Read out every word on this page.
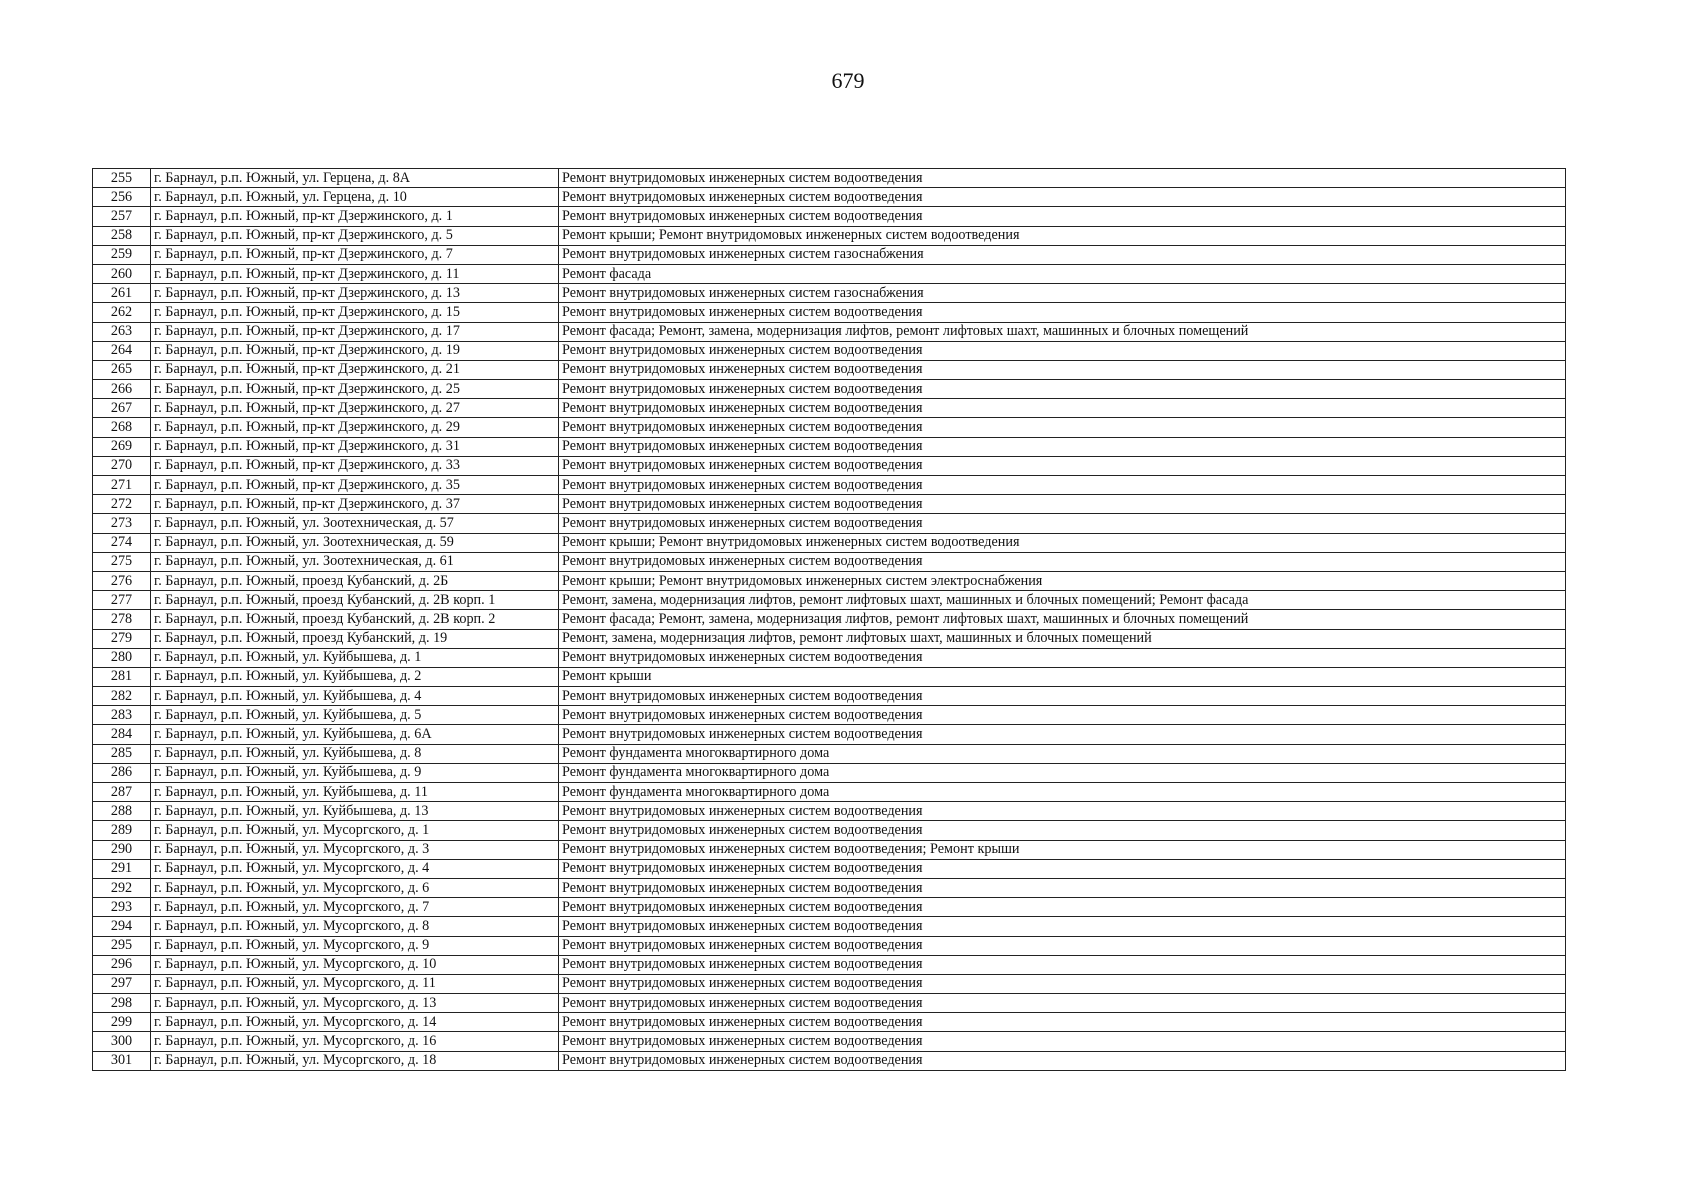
679
255	г. Барнаул, р.п. Южный, ул. Герцена, д. 8А	Ремонт внутридомовых инженерных систем водоотведения
256	г. Барнаул, р.п. Южный, ул. Герцена, д. 10	Ремонт внутридомовых инженерных систем водоотведения
257	г. Барнаул, р.п. Южный, пр-кт Дзержинского, д. 1	Ремонт внутридомовых инженерных систем водоотведения
258	г. Барнаул, р.п. Южный, пр-кт Дзержинского, д. 5	Ремонт крыши; Ремонт внутридомовых инженерных систем водоотведения
259	г. Барнаул, р.п. Южный, пр-кт Дзержинского, д. 7	Ремонт внутридомовых инженерных систем газоснабжения
260	г. Барнаул, р.п. Южный, пр-кт Дзержинского, д. 11	Ремонт фасада
261	г. Барнаул, р.п. Южный, пр-кт Дзержинского, д. 13	Ремонт внутридомовых инженерных систем газоснабжения
262	г. Барнаул, р.п. Южный, пр-кт Дзержинского, д. 15	Ремонт внутридомовых инженерных систем водоотведения
263	г. Барнаул, р.п. Южный, пр-кт Дзержинского, д. 17	Ремонт фасада; Ремонт, замена, модернизация лифтов, ремонт лифтовых шахт, машинных и блочных помещений
264	г. Барнаул, р.п. Южный, пр-кт Дзержинского, д. 19	Ремонт внутридомовых инженерных систем водоотведения
265	г. Барнаул, р.п. Южный, пр-кт Дзержинского, д. 21	Ремонт внутридомовых инженерных систем водоотведения
266	г. Барнаул, р.п. Южный, пр-кт Дзержинского, д. 25	Ремонт внутридомовых инженерных систем водоотведения
267	г. Барнаул, р.п. Южный, пр-кт Дзержинского, д. 27	Ремонт внутридомовых инженерных систем водоотведения
268	г. Барнаул, р.п. Южный, пр-кт Дзержинского, д. 29	Ремонт внутридомовых инженерных систем водоотведения
269	г. Барнаул, р.п. Южный, пр-кт Дзержинского, д. 31	Ремонт внутридомовых инженерных систем водоотведения
270	г. Барнаул, р.п. Южный, пр-кт Дзержинского, д. 33	Ремонт внутридомовых инженерных систем водоотведения
271	г. Барнаул, р.п. Южный, пр-кт Дзержинского, д. 35	Ремонт внутридомовых инженерных систем водоотведения
272	г. Барнаул, р.п. Южный, пр-кт Дзержинского, д. 37	Ремонт внутридомовых инженерных систем водоотведения
273	г. Барнаул, р.п. Южный, ул. Зоотехническая, д. 57	Ремонт внутридомовых инженерных систем водоотведения
274	г. Барнаул, р.п. Южный, ул. Зоотехническая, д. 59	Ремонт крыши; Ремонт внутридомовых инженерных систем водоотведения
275	г. Барнаул, р.п. Южный, ул. Зоотехническая, д. 61	Ремонт внутридомовых инженерных систем водоотведения
276	г. Барнаул, р.п. Южный, проезд Кубанский, д. 2Б	Ремонт крыши; Ремонт внутридомовых инженерных систем электроснабжения
277	г. Барнаул, р.п. Южный, проезд Кубанский, д. 2В корп. 1	Ремонт, замена, модернизация лифтов, ремонт лифтовых шахт, машинных и блочных помещений; Ремонт фасада
278	г. Барнаул, р.п. Южный, проезд Кубанский, д. 2В корп. 2	Ремонт фасада; Ремонт, замена, модернизация лифтов, ремонт лифтовых шахт, машинных и блочных помещений
279	г. Барнаул, р.п. Южный, проезд Кубанский, д. 19	Ремонт, замена, модернизация лифтов, ремонт лифтовых шахт, машинных и блочных помещений
280	г. Барнаул, р.п. Южный, ул. Куйбышева, д. 1	Ремонт внутридомовых инженерных систем водоотведения
281	г. Барнаул, р.п. Южный, ул. Куйбышева, д. 2	Ремонт крыши
282	г. Барнаул, р.п. Южный, ул. Куйбышева, д. 4	Ремонт внутридомовых инженерных систем водоотведения
283	г. Барнаул, р.п. Южный, ул. Куйбышева, д. 5	Ремонт внутридомовых инженерных систем водоотведения
284	г. Барнаул, р.п. Южный, ул. Куйбышева, д. 6А	Ремонт внутридомовых инженерных систем водоотведения
285	г. Барнаул, р.п. Южный, ул. Куйбышева, д. 8	Ремонт фундамента многоквартирного дома
286	г. Барнаул, р.п. Южный, ул. Куйбышева, д. 9	Ремонт фундамента многоквартирного дома
287	г. Барнаул, р.п. Южный, ул. Куйбышева, д. 11	Ремонт фундамента многоквартирного дома
288	г. Барнаул, р.п. Южный, ул. Куйбышева, д. 13	Ремонт внутридомовых инженерных систем водоотведения
289	г. Барнаул, р.п. Южный, ул. Мусоргского, д. 1	Ремонт внутридомовых инженерных систем водоотведения
290	г. Барнаул, р.п. Южный, ул. Мусоргского, д. 3	Ремонт внутридомовых инженерных систем водоотведения; Ремонт крыши
291	г. Барнаул, р.п. Южный, ул. Мусоргского, д. 4	Ремонт внутридомовых инженерных систем водоотведения
292	г. Барнаул, р.п. Южный, ул. Мусоргского, д. 6	Ремонт внутридомовых инженерных систем водоотведения
293	г. Барнаул, р.п. Южный, ул. Мусоргского, д. 7	Ремонт внутридомовых инженерных систем водоотведения
294	г. Барнаул, р.п. Южный, ул. Мусоргского, д. 8	Ремонт внутридомовых инженерных систем водоотведения
295	г. Барнаул, р.п. Южный, ул. Мусоргского, д. 9	Ремонт внутридомовых инженерных систем водоотведения
296	г. Барнаул, р.п. Южный, ул. Мусоргского, д. 10	Ремонт внутридомовых инженерных систем водоотведения
297	г. Барнаул, р.п. Южный, ул. Мусоргского, д. 11	Ремонт внутридомовых инженерных систем водоотведения
298	г. Барнаул, р.п. Южный, ул. Мусоргского, д. 13	Ремонт внутридомовых инженерных систем водоотведения
299	г. Барнаул, р.п. Южный, ул. Мусоргского, д. 14	Ремонт внутридомовых инженерных систем водоотведения
300	г. Барнаул, р.п. Южный, ул. Мусоргского, д. 16	Ремонт внутридомовых инженерных систем водоотведения
301	г. Барнаул, р.п. Южный, ул. Мусоргского, д. 18	Ремонт внутридомовых инженерных систем водоотведения
